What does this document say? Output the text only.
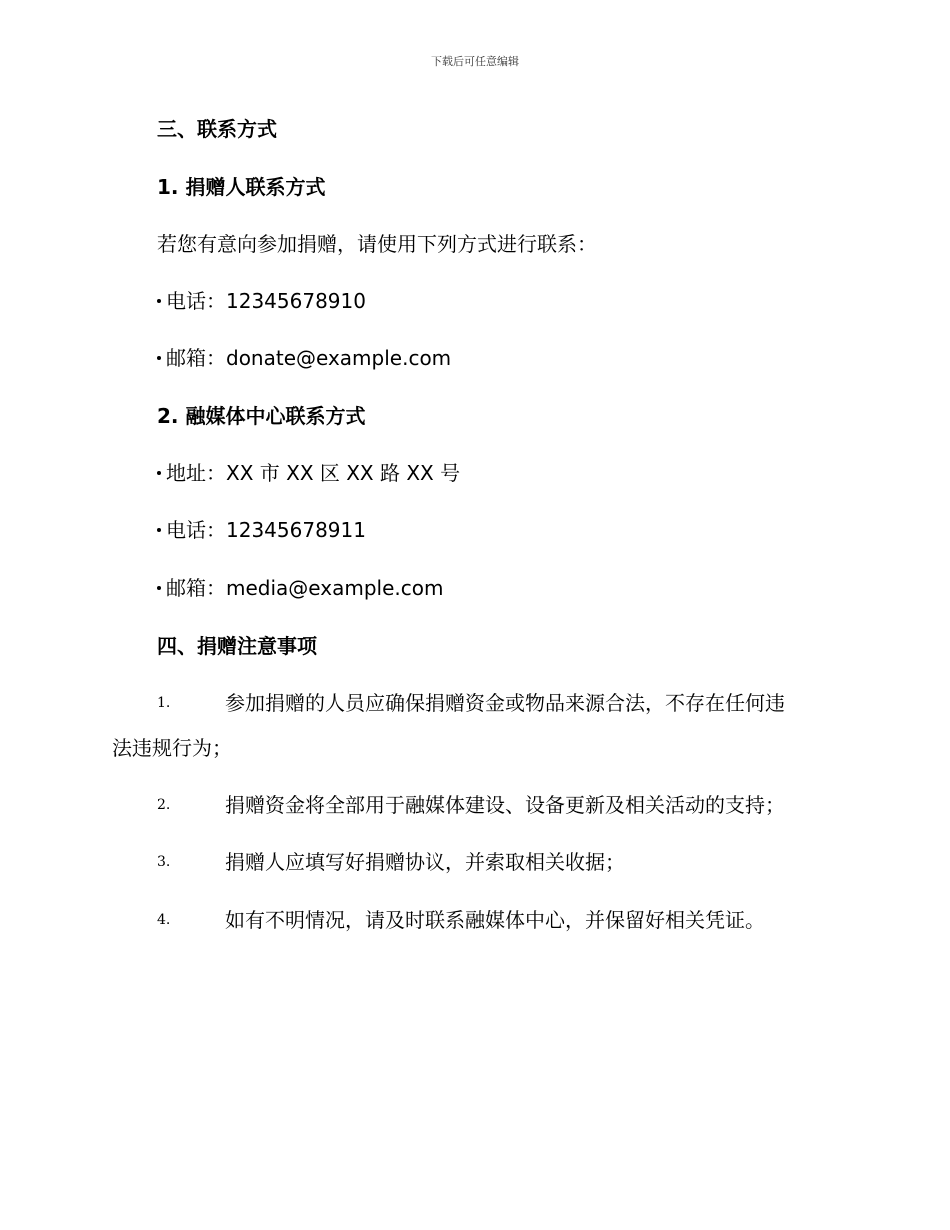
下载后可任意编辑
三、联系方式
1. 捐赠人联系方式
若您有意向参加捐赠，请使用下列方式进行联系：
电话：12345678910
邮箱：donate@example.com
2. 融媒体中心联系方式
地址：XX 市 XX 区 XX 路 XX 号
电话：12345678911
邮箱：media@example.com
四、捐赠注意事项
1.	参加捐赠的人员应确保捐赠资金或物品来源合法，不存在任何违
法违规行为；
2.	捐赠资金将全部用于融媒体建设、设备更新及相关活动的支持；
3.	捐赠人应填写好捐赠协议，并索取相关收据；
4.	如有不明情况，请及时联系融媒体中心，并保留好相关凭证。
